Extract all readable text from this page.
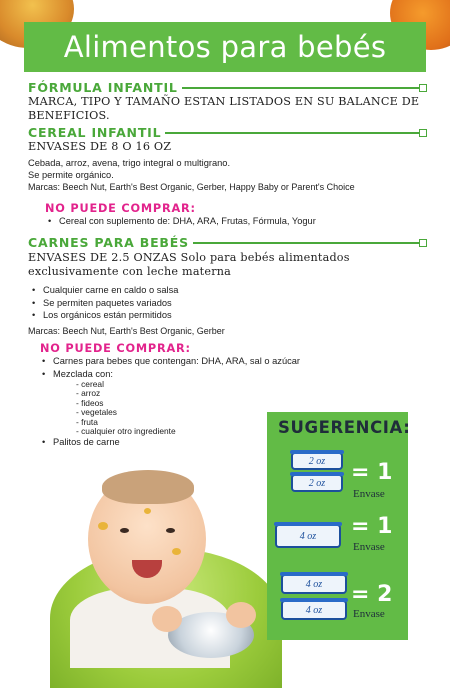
Alimentos para bebés
FÓRMULA INFANTIL
MARCA, TIPO Y TAMAÑO ESTAN LISTADOS EN SU BALANCE DE
BENEFICIOS.
CEREAL INFANTIL
ENVASES DE 8 O 16 OZ
Cebada, arroz, avena, trigo integral o multigrano.
Se permite orgánico.
Marcas: Beech Nut, Earth's Best Organic, Gerber, Happy Baby or Parent's Choice
NO PUEDE COMPRAR:
• Cereal con suplemento de: DHA, ARA, Frutas, Fórmula, Yogur
CARNES PARA BEBÉS
ENVASES DE 2.5 ONZAS Solo para bebés alimentados
exclusivamente con leche materna
• Cualquier carne en caldo o salsa
• Se permiten paquetes variados
• Los orgánicos están permitidos
Marcas: Beech Nut, Earth's Best Organic, Gerber
NO PUEDE COMPRAR:
• Carnes para bebes que contengan: DHA, ARA, sal o azúcar
• Mezclada con:
- cereal
- arroz
- fideos
- vegetales
- fruta
- cualquier otro ingrediente
• Palitos de carne
SUGERENCIA:
2 oz
2 oz = 1
Envase
4 oz = 1
Envase
4 oz
4 oz
= 2
Envase
